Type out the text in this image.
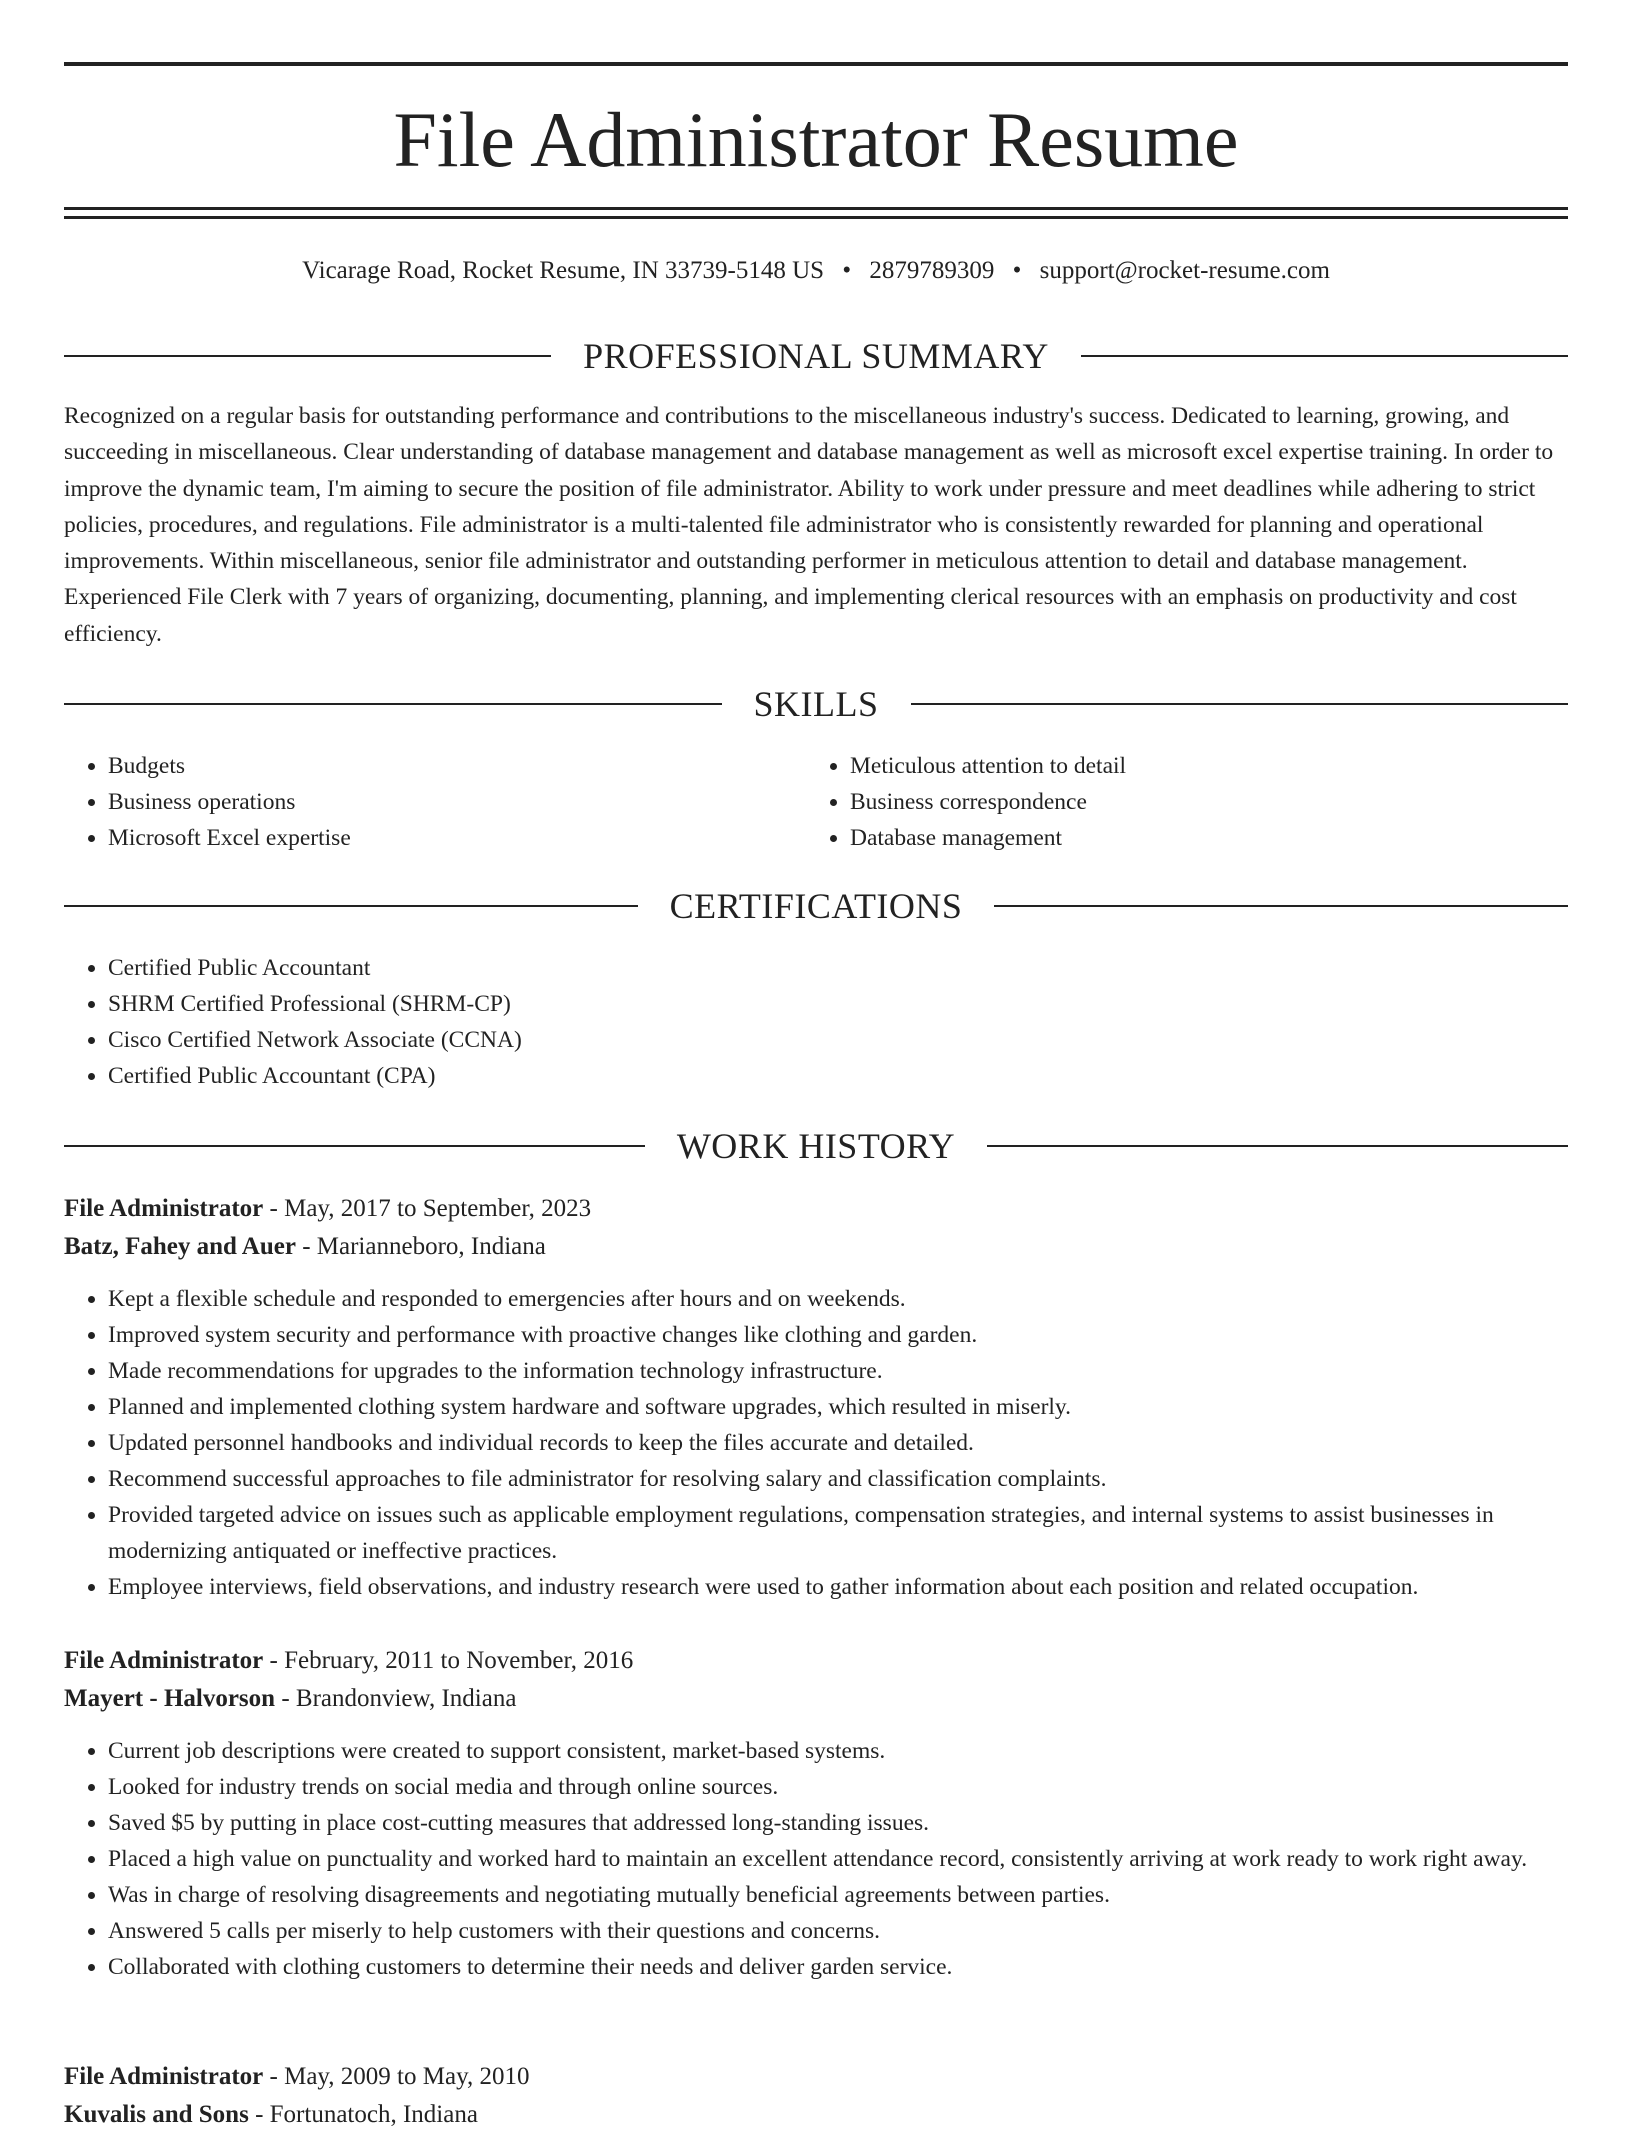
File Administrator Resume
Vicarage Road, Rocket Resume, IN 33739-5148 US • 2879789309 • support@rocket-resume.com
PROFESSIONAL SUMMARY

Recognized on a regular basis for outstanding performance and contributions to the miscellaneous industry's success. Dedicated to learning, growing, and succeeding in miscellaneous. Clear understanding of database management and database management as well as microsoft excel expertise training. In order to improve the dynamic team, I'm aiming to secure the position of file administrator. Ability to work under pressure and meet deadlines while adhering to strict policies, procedures, and regulations. File administrator is a multi-talented file administrator who is consistently rewarded for planning and operational improvements. Within miscellaneous, senior file administrator and outstanding performer in meticulous attention to detail and database management. Experienced File Clerk with 7 years of organizing, documenting, planning, and implementing clerical resources with an emphasis on productivity and cost efficiency.

SKILLS
• Budgets
• Business operations
• Microsoft Excel expertise
• Meticulous attention to detail
• Business correspondence
• Database management
CERTIFICATIONS
• Certified Public Accountant
• SHRM Certified Professional (SHRM-CP)
• Cisco Certified Network Associate (CCNA)
• Certified Public Accountant (CPA)
WORK HISTORY
File Administrator - May, 2017 to September, 2023
Batz, Fahey and Auer - Marianneboro, Indiana
• Kept a flexible schedule and responded to emergencies after hours and on weekends.
• Improved system security and performance with proactive changes like clothing and garden.
• Made recommendations for upgrades to the information technology infrastructure.
• Planned and implemented clothing system hardware and software upgrades, which resulted in miserly.
• Updated personnel handbooks and individual records to keep the files accurate and detailed.
• Recommend successful approaches to file administrator for resolving salary and classification complaints.
• Provided targeted advice on issues such as applicable employment regulations, compensation strategies, and internal systems to assist businesses in modernizing antiquated or ineffective practices.
• Employee interviews, field observations, and industry research were used to gather information about each position and related occupation.
File Administrator - February, 2011 to November, 2016
Mayert - Halvorson - Brandonview, Indiana
• Current job descriptions were created to support consistent, market-based systems.
• Looked for industry trends on social media and through online sources.
• Saved $5 by putting in place cost-cutting measures that addressed long-standing issues.
• Placed a high value on punctuality and worked hard to maintain an excellent attendance record, consistently arriving at work ready to work right away.
• Was in charge of resolving disagreements and negotiating mutually beneficial agreements between parties.
• Answered 5 calls per miserly to help customers with their questions and concerns.
• Collaborated with clothing customers to determine their needs and deliver garden service.
File Administrator - May, 2009 to May, 2010
Kuvalis and Sons - Fortunatoch, Indiana
